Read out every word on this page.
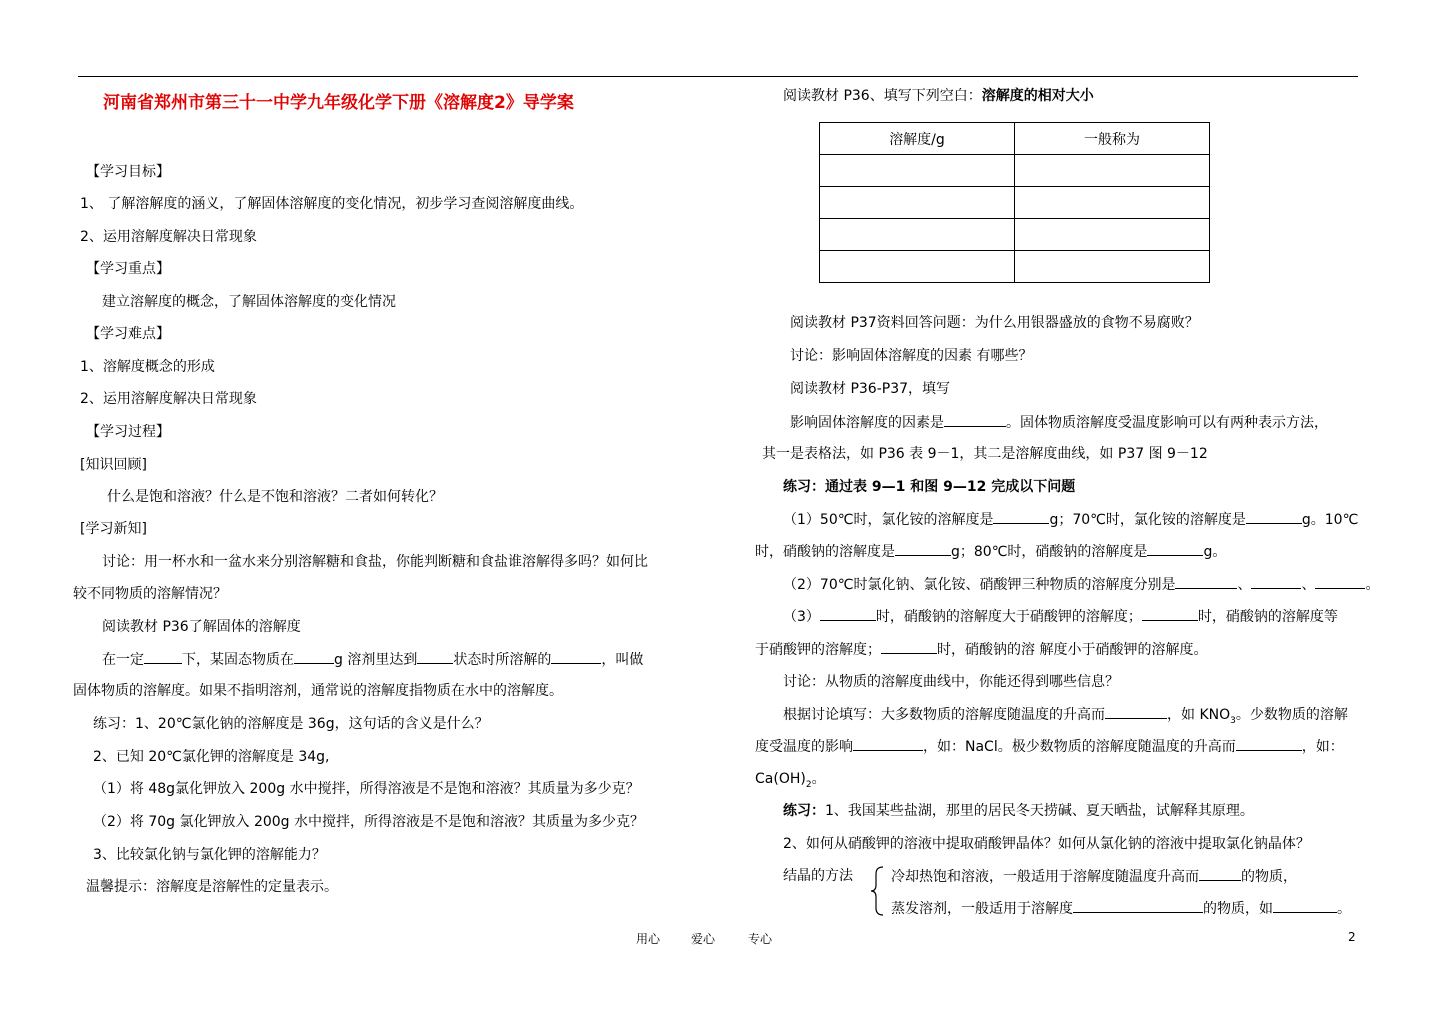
河南省郑州市第三十一中学九年级化学下册《溶解度2》导学案
【学习目标】
1、 了解溶解度的涵义，了解固体溶解度的变化情况，初步学习查阅溶解度曲线。
2、运用溶解度解决日常现象
【学习重点】
建立溶解度的概念，了解固体溶解度的变化情况
【学习难点】
1、溶解度概念的形成
2、运用溶解度解决日常现象
【学习过程】
[知识回顾]
什么是饱和溶液？什么是不饱和溶液？二者如何转化？
[学习新知]
讨论：用一杯水和一盆水来分别溶解糖和食盐，你能判断糖和食盐谁溶解得多吗？如何比
较不同物质的溶解情况？
阅读教材 P36了解固体的溶解度
在一定	下，某固态物质在	g 溶剂里达到	状态时所溶解的	，叫做
固体物质的溶解度。如果不指明溶剂，通常说的溶解度指物质在水中的溶解度。
练习：1、20℃氯化钠的溶解度是 36g，这句话的含义是什么？
2、已知 20℃氯化钾的溶解度是 34g,
（1）将 48g氯化钾放入 200g 水中搅拌，所得溶液是不是饱和溶液？其质量为多少克？
（2）将 70g 氯化钾放入 200g 水中搅拌，所得溶液是不是饱和溶液？其质量为多少克？
3、比较氯化钠与氯化钾的溶解能力？
温馨提示：溶解度是溶解性的定量表示。
阅读教材 P36、填写下列空白：溶解度的相对大小
溶解度/g	一般称为

阅读教材 P37资料回答问题：为什么用银器盛放的食物不易腐败？
讨论：影响固体溶解度的因素 有哪些？
阅读教材 P36-P37，填写
影响固体溶解度的因素是	。固体物质溶解度受温度影响可以有两种表示方法，
其一是表格法，如 P36 表 9－1，其二是溶解度曲线，如 P37 图 9－12
练习：通过表 9—1 和图 9—12 完成以下问题
（1）50℃时，氯化铵的溶解度是	g；70℃时，氯化铵的溶解度是	g。10℃
时，硝酸钠的溶解度是	g；80℃时，硝酸钠的溶解度是	g。
（2）70℃时氯化钠、氯化铵、硝酸钾三种物质的溶解度分别是	、	、	。
（3）	时，硝酸钠的溶解度大于硝酸钾的溶解度；	时，硝酸钠的溶解度等
于硝酸钾的溶解度；	时，硝酸钠的溶 解度小于硝酸钾的溶解度。
讨论：从物质的溶解度曲线中，你能还得到哪些信息？
根据讨论填写：大多数物质的溶解度随温度的升高而	，如 $KNO_3$。少数物质的溶解
度受温度的影响	，如：NaCl。极少数物质的溶解度随温度的升高而	，如：
$Ca(OH)_2$。
练习：1、我国某些盐湖，那里的居民冬天捞碱、夏天晒盐，试解释其原理。
2、如何从硝酸钾的溶液中提取硝酸钾晶体？如何从氯化钠的溶液中提取氯化钠晶体？
结晶的方法	冷却热饱和溶液，一般适用于溶解度随温度升高而	的物质，
蒸发溶剂，一般适用于溶解度	的物质，如	。
用心	爱心	专心	2
